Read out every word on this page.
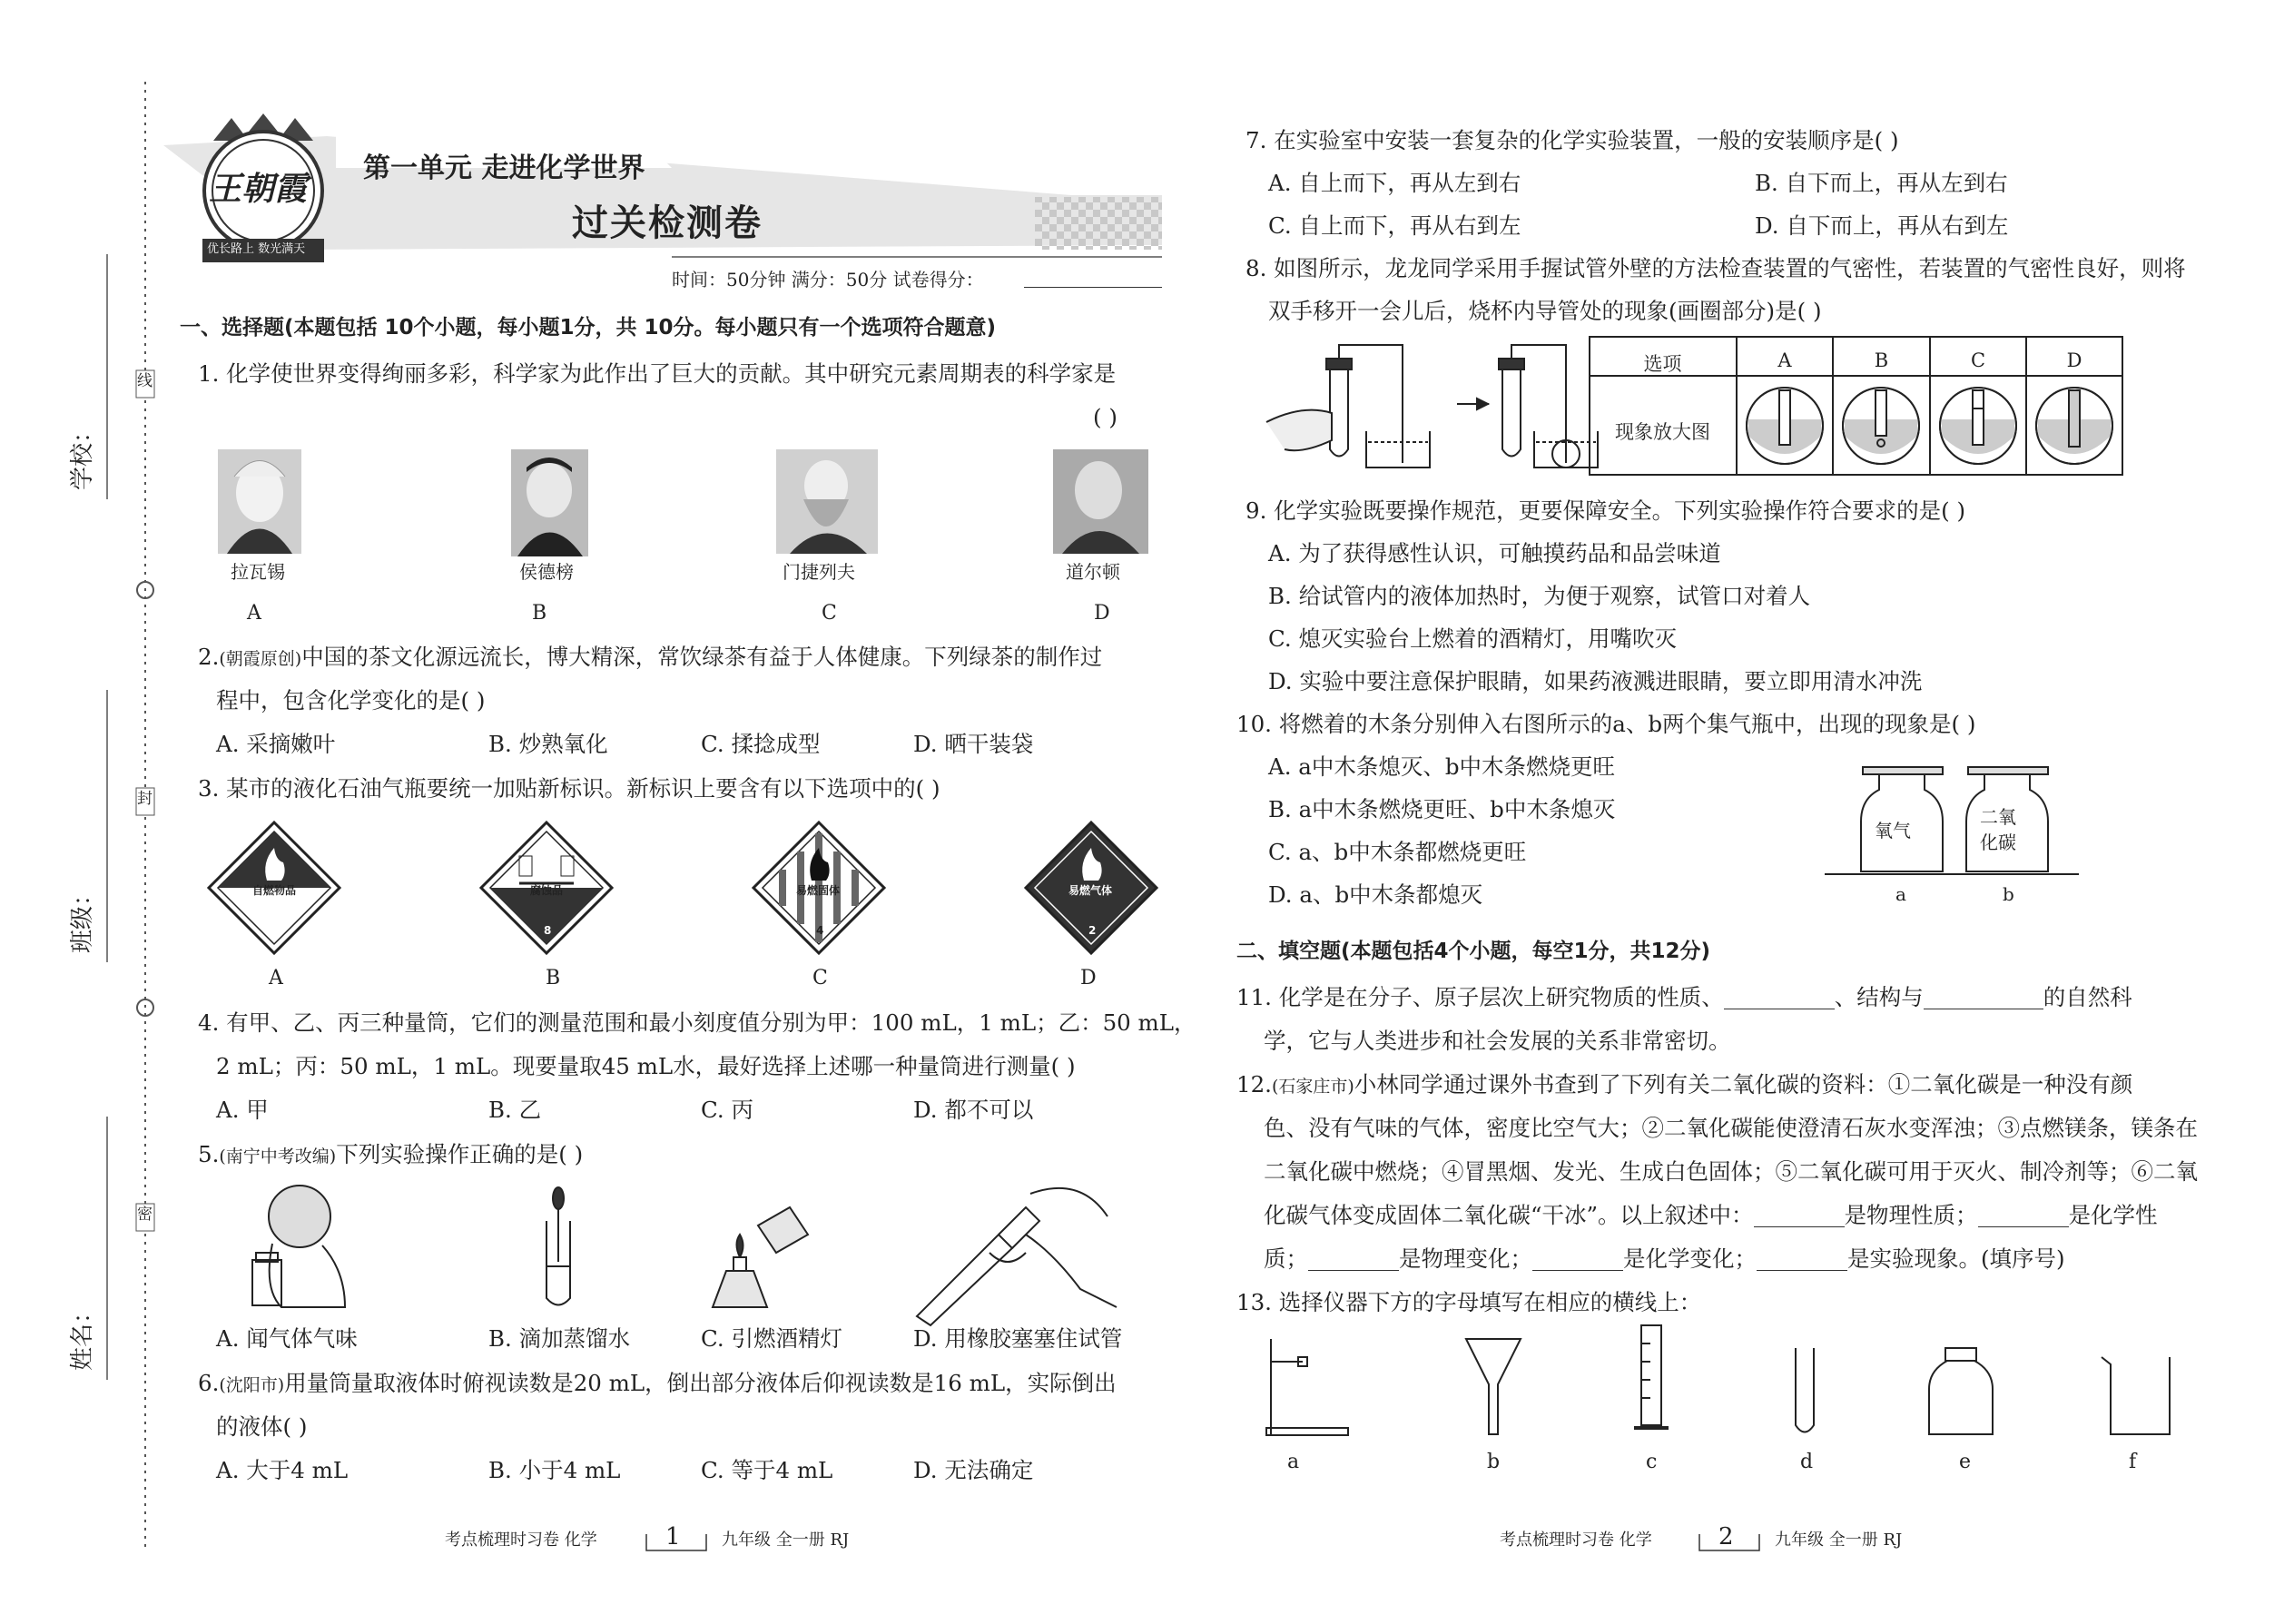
线
封
密
学校：
班级：
姓名：
王朝霞
优长路上 数光满天
第一单元 走进化学世界
过关检测卷
时间：50分钟 满分：50分 试卷得分：
一、选择题(本题包括 10个小题，每小题1分，共 10分。每小题只有一个选项符合题意)
1. 化学使世界变得绚丽多彩，科学家为此作出了巨大的贡献。其中研究元素周期表的科学家是
( )
拉瓦锡	侯德榜	门捷列夫	道尔顿
A	B	C	D
2.(朝霞原创)中国的茶文化源远流长，博大精深，常饮绿茶有益于人体健康。下列绿茶的制作过
程中，包含化学变化的是( )
A. 采摘嫩叶	B. 炒熟氧化	C. 揉捻成型	D. 晒干装袋
3. 某市的液化石油气瓶要统一加贴新标识。新标识上要含有以下选项中的( )
自燃物品	腐蚀品	易燃固体	易燃气体
4	8	4	2
A	B	C	D
4. 有甲、乙、丙三种量筒，它们的测量范围和最小刻度值分别为甲：100 mL，1 mL；乙：50 mL，
2 mL；丙：50 mL，1 mL。现要量取45 mL水，最好选择上述哪一种量筒进行测量( )
A. 甲	B. 乙	C. 丙	D. 都不可以
5.(南宁中考改编)下列实验操作正确的是( )
A. 闻气体气味	B. 滴加蒸馏水	C. 引燃酒精灯	D. 用橡胶塞塞住试管
6.(沈阳市)用量筒量取液体时俯视读数是20 mL，倒出部分液体后仰视读数是16 mL，实际倒出
的液体( )
A. 大于4 mL	B. 小于4 mL	C. 等于4 mL	D. 无法确定
7. 在实验室中安装一套复杂的化学实验装置，一般的安装顺序是( )
A. 自上而下，再从左到右	B. 自下而上，再从左到右
C. 自上而下，再从右到左	D. 自下而上，再从右到左
8. 如图所示，龙龙同学采用手握试管外壁的方法检查装置的气密性，若装置的气密性良好，则将
双手移开一会儿后，烧杯内导管处的现象(画圈部分)是( )
选项	A	B	C	D
现象放大图
9. 化学实验既要操作规范，更要保障安全。下列实验操作符合要求的是( )
A. 为了获得感性认识，可触摸药品和品尝味道
B. 给试管内的液体加热时，为便于观察，试管口对着人
C. 熄灭实验台上燃着的酒精灯，用嘴吹灭
D. 实验中要注意保护眼睛，如果药液溅进眼睛，要立即用清水冲洗
10. 将燃着的木条分别伸入右图所示的a、b两个集气瓶中，出现的现象是( )
A. a中木条熄灭、b中木条燃烧更旺
B. a中木条燃烧更旺、b中木条熄灭
C. a、b中木条都燃烧更旺
D. a、b中木条都熄灭
氧气
二氧
化碳
a	b
二、填空题(本题包括4个小题，每空1分，共12分)
11. 化学是在分子、原子层次上研究物质的性质、	、结构与	的自然科
学，它与人类进步和社会发展的关系非常密切。
12.(石家庄市)小林同学通过课外书查到了下列有关二氧化碳的资料：①二氧化碳是一种没有颜
色、没有气味的气体，密度比空气大；②二氧化碳能使澄清石灰水变浑浊；③点燃镁条，镁条在
二氧化碳中燃烧；④冒黑烟、发光、生成白色固体；⑤二氧化碳可用于灭火、制冷剂等；⑥二氧
化碳气体变成固体二氧化碳“干冰”。以上叙述中：	是物理性质；	是化学性
质；	是物理变化；	是化学变化；	是实验现象。(填序号)
13. 选择仪器下方的字母填写在相应的横线上：
a	b	c	d	e	f
考点梳理时习卷 化学	1	九年级 全一册 RJ	考点梳理时习卷 化学	2	九年级 全一册 RJ
